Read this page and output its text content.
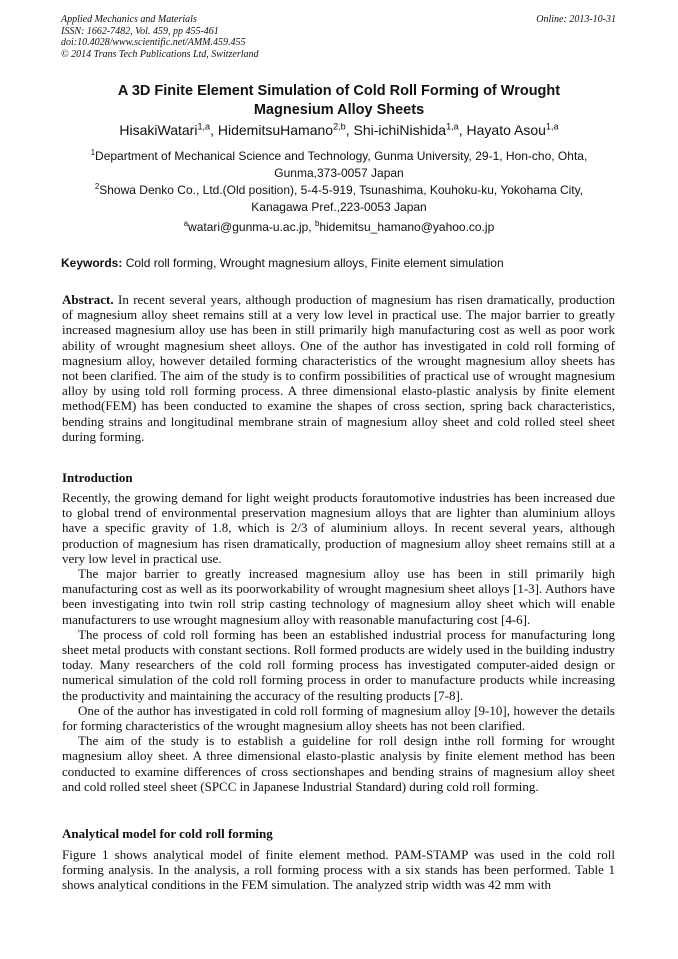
Applied Mechanics and Materials
ISSN: 1662-7482, Vol. 459, pp 455-461
doi:10.4028/www.scientific.net/AMM.459.455
© 2014 Trans Tech Publications Ltd, Switzerland
Online: 2013-10-31
A 3D Finite Element Simulation of Cold Roll Forming of Wrought
Magnesium Alloy Sheets
HisakiWatari$^{1,a}$, HidemitsuHamano$^{2,b}$, Shi-ichiNishida$^{1,a}$, Hayato Asou$^{1,a}$
$^1$Department of Mechanical Science and Technology, Gunma University, 29-1, Hon-cho, Ohta,
Gunma,373-0057 Japan
$^2$Showa Denko Co., Ltd.(Old position), 5-4-5-919, Tsunashima, Kouhoku-ku, Yokohama City,
Kanagawa Pref.,223-0053 Japan
$^a$watari@gunma-u.ac.jp, $^b$hidemitsu_hamano@yahoo.co.jp
Keywords: Cold roll forming, Wrought magnesium alloys, Finite element simulation
Abstract. In recent several years, although production of magnesium has risen dramatically, production of magnesium alloy sheet remains still at a very low level in practical use. The major barrier to greatly increased magnesium alloy use has been in still primarily high manufacturing cost as well as poor work ability of wrought magnesium sheet alloys. One of the author has investigated in cold roll forming of magnesium alloy, however detailed forming characteristics of the wrought magnesium alloy sheets has not been clarified. The aim of the study is to confirm possibilities of practical use of wrought magnesium alloy by using told roll forming process. A three dimensional elasto-plastic analysis by finite element method(FEM) has been conducted to examine the shapes of cross section, spring back characteristics, bending strains and longitudinal membrane strain of magnesium alloy sheet and cold rolled steel sheet during forming.
Introduction

Recently, the growing demand for light weight products forautomotive industries has been increased due to global trend of environmental preservation magnesium alloys that are lighter than aluminium alloys have a specific gravity of 1.8, which is 2/3 of aluminium alloys. In recent several years, although production of magnesium has risen dramatically, production of magnesium alloy sheet remains still at a very low level in practical use.

The major barrier to greatly increased magnesium alloy use has been in still primarily high manufacturing cost as well as its poorworkability of wrought magnesium sheet alloys [1-3]. Authors have been investigating into twin roll strip casting technology of magnesium alloy sheet which will enable manufacturers to use wrought magnesium alloy with reasonable manufacturing cost [4-6].

The process of cold roll forming has been an established industrial process for manufacturing long sheet metal products with constant sections. Roll formed products are widely used in the building industry today. Many researchers of the cold roll forming process has investigated computer-aided design or numerical simulation of the cold roll forming process in order to manufacture products while increasing the productivity and maintaining the accuracy of the resulting products [7-8].

One of the author has investigated in cold roll forming of magnesium alloy [9-10], however the details for forming characteristics of the wrought magnesium alloy sheets has not been clarified.

The aim of the study is to establish a guideline for roll design inthe roll forming for wrought magnesium alloy sheet. A three dimensional elasto-plastic analysis by finite element method has been conducted to examine differences of cross sectionshapes and bending strains of magnesium alloy sheet and cold rolled steel sheet (SPCC in Japanese Industrial Standard) during cold roll forming.

Analytical model for cold roll forming

Figure 1 shows analytical model of finite element method. PAM-STAMP was used in the cold roll forming analysis. In the analysis, a roll forming process with a six stands has been performed. Table 1 shows analytical conditions in the FEM simulation. The analyzed strip width was 42 mm with
